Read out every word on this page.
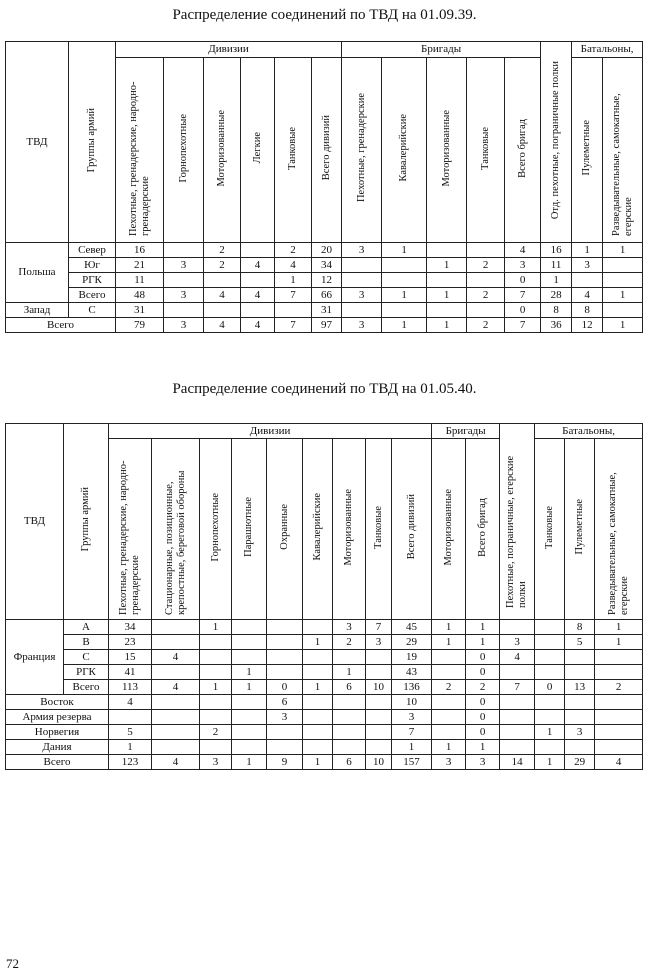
Распределение соединений по ТВД на 01.09.39.
ТВД	Группы армий	Дивизии						Бригады					Отд. пехотные, пограничные полки	Батальоны,	
		Пехотные, гренадерские, народно-гренадерские	Горнопехотные	Моторизованные	Легкие	Танковые	Всего дивизий	Пехотные, гренадерские	Кавалерийские	Моторизованные	Танковые	Всего бригад		Пулеметные	Разведывательные, самокатные, егерские
Польша	Север	16		2		2	20	3	1			4	16	1	1
	Юг	21	3	2	4	4	34			1	2	3	11	3	
	РГК	11				1	12					0	1		
	Всего	48	3	4	4	7	66	3	1	1	2	7	28	4	1
Запад	С	31					31					0	8	8	
Всего		79	3	4	4	7	97	3	1	1	2	7	36	12	1
Распределение соединений по ТВД на 01.05.40.
ТВД	Группы армий	Дивизии									Бригады		Пехотные, пограничные, егерские полки	Батальоны,		
		Пехотные, гренадерские, народно-гренадерские	Стационарные, позиционные, крепостные, береговой обороны	Горнопехотные	Парашютные	Охранные	Кавалерийские	Моторизованные	Танковые	Всего дивизий	Моторизованные	Всего бригад		Танковые	Пулеметные	Разведывательные, самокатные, егерские
Франция	A	34		1				3	7	45	1	1			8	1
	B	23					1	2	3	29	1	1	3		5	1
	C	15	4							19		0	4			
	РГК	41			1			1		43		0				
	Всего	113	4	1	1	0	1	6	10	136	2	2	7	0	13	2
Восток		4				6				10		0				
Армия резерва						3				3		0				
Норвегия		5		2						7		0		1	3	
Дания		1								1	1	1				
Всего		123	4	3	1	9	1	6	10	157	3	3	14	1	29	4
72
